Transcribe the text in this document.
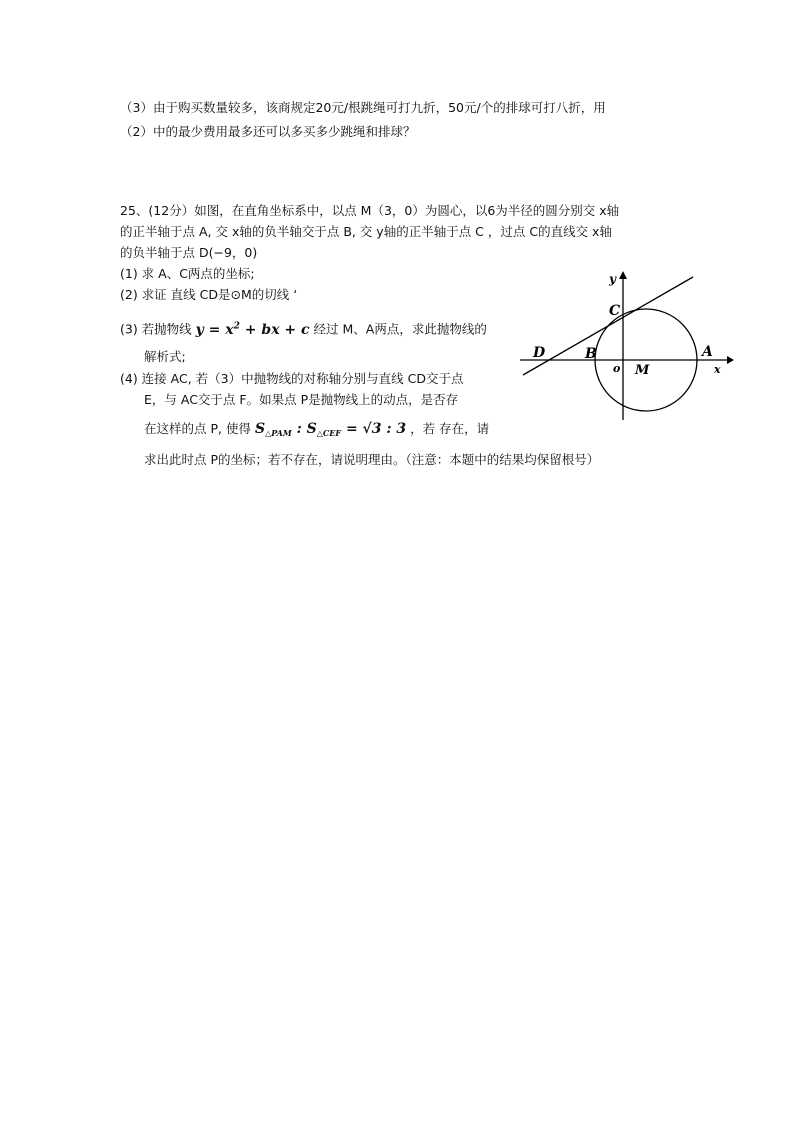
（3）由于购买数量较多，该商规定20元/根跳绳可打九折，50元/个的排球可打八折，用
（2）中的最少费用最多还可以多买多少跳绳和排球？
25、(12分）如图，在直角坐标系中，以点 M（3，0）为圆心，以6为半径的圆分别交 x轴
的正半轴于点 A, 交 x轴的负半轴交于点 B, 交 y轴的正半轴于点 C ，过点 C的直线交 x轴
的负半轴于点 D(−9，0)
(1) 求 A、C两点的坐标;
(2) 求证 直线 CD是⊙M的切线 ‘
(3) 若抛物线 $y = x^2$ + bx + c 经过 M、A两点，求此抛物线的
解析式;
(4) 连接 AC, 若（3）中抛物线的对称轴分别与直线 CD交于点
E，与 AC交于点 F。如果点 P是抛物线上的动点，是否存
在这样的点 P, 使得 $S_{\triangle PAM}$ : $S_{\triangle CEF} = √3$ : 3 ，若 存在，请
求出此时点 P的坐标；若不存在，请说明理由。（注意：本题中的结果均保留根号）
y
x
C
D	B	A
o M
